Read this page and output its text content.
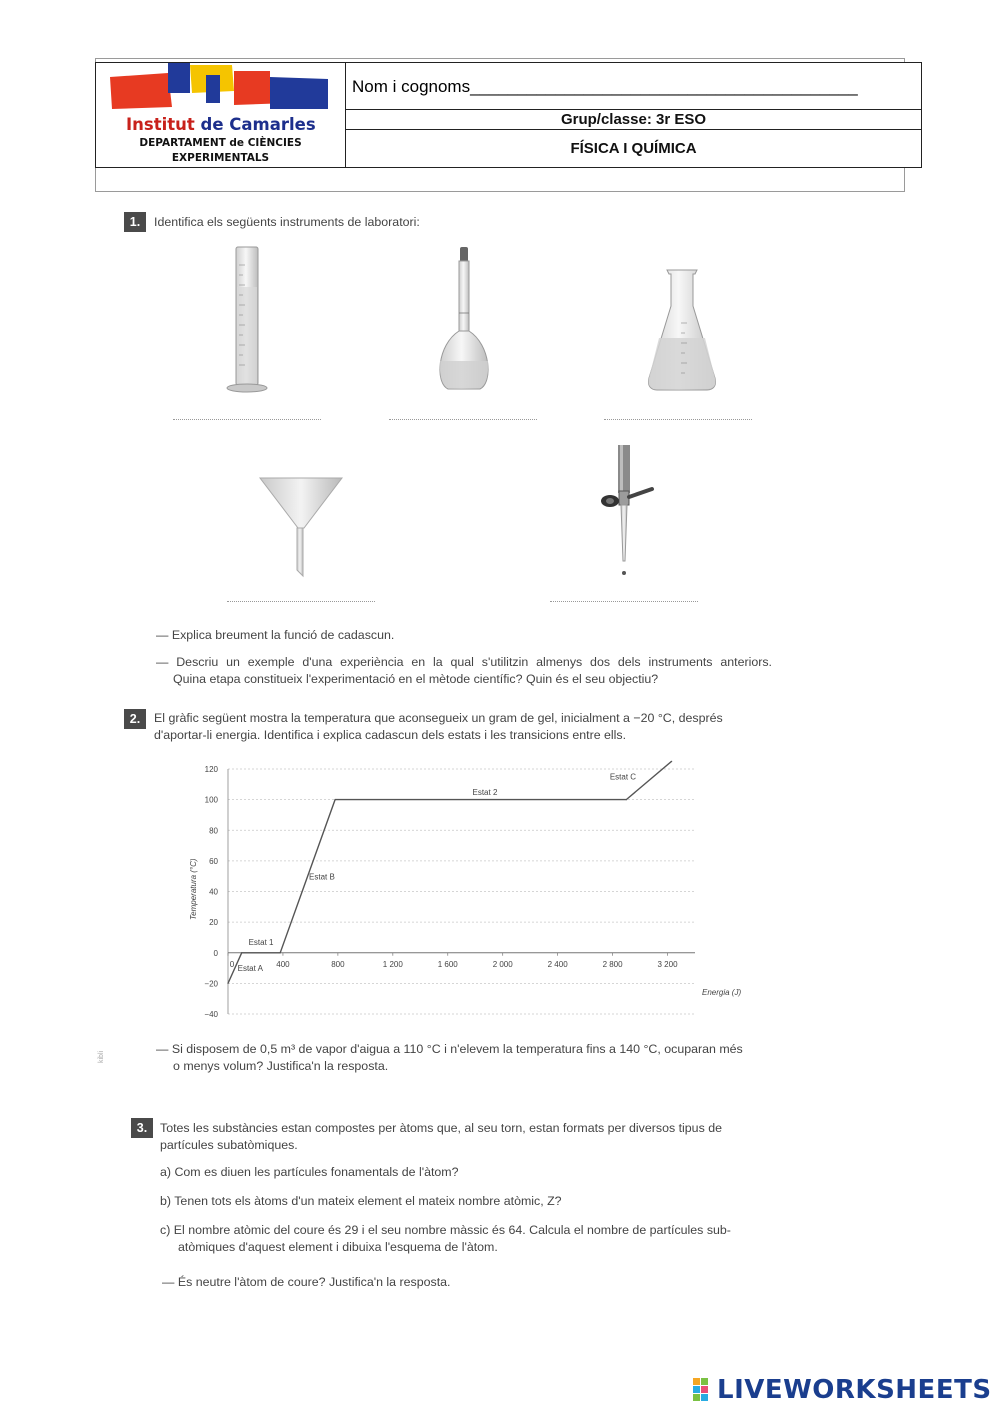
Institut de Camarles
DEPARTAMENT de CIÈNCIES
EXPERIMENTALS
Nom i cognoms_________________________________________
Grup/classe: 3r ESO
FÍSICA I QUÍMICA
1.	Identifica els següents instruments de laboratori:
— Explica breument la funció de cadascun.
— Descriu un exemple d'una experiència en la qual s'utilitzin almenys dos dels instruments anteriors.
Quina etapa constitueix l'experimentació en el mètode científic? Quin és el seu objectiu?
2.	El gràfic següent mostra la temperatura que aconsegueix un gram de gel, inicialment a −20 °C, després
d'aportar-li energia. Identifica i explica cadascun dels estats i les transicions entre ells.
120
100
80
60
40
20
0
−20
−40
0	400	800	1 200	1 600	2 000	2 400	2 800	3 200
Estat A
Estat 1
Estat B
Estat 2
Estat C
Energia (J)
Temperatura (°C)
— Si disposem de 0,5 m³ de vapor d'aigua a 110 °C i n'elevem la temperatura fins a 140 °C, ocuparan més
o menys volum? Justifica'n la resposta.
kibli
3.	Totes les substàncies estan compostes per àtoms que, al seu torn, estan formats per diversos tipus de
partícules subatòmiques.
a) Com es diuen les partícules fonamentals de l'àtom?
b) Tenen tots els àtoms d'un mateix element el mateix nombre atòmic, Z?
c) El nombre atòmic del coure és 29 i el seu nombre màssic és 64. Calcula el nombre de partícules sub-
atòmiques d'aquest element i dibuixa l'esquema de l'àtom.
— És neutre l'àtom de coure? Justifica'n la resposta.
LIVEWORKSHEETS
